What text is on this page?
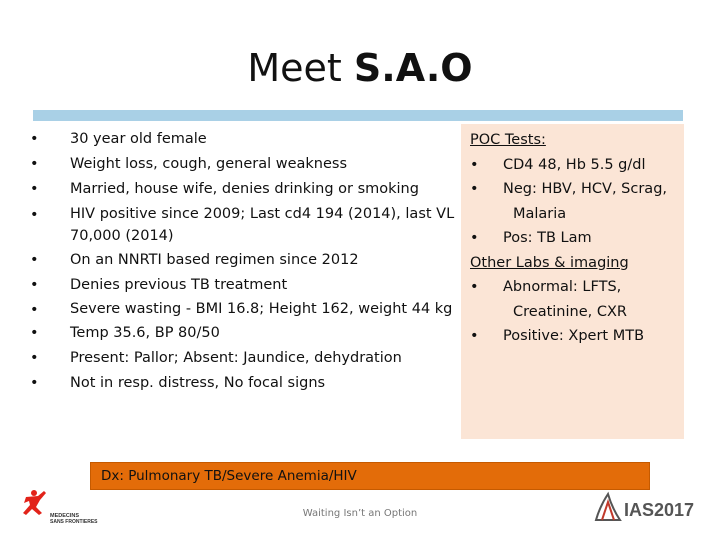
Meet S.A.O
• 30 year old female
• Weight loss, cough, general weakness
• Married, house wife, denies drinking or smoking
• HIV positive since 2009; Last cd4 194 (2014), last VL 70,000 (2014)
• On an NNRTI based regimen since 2012
• Denies previous TB treatment
• Severe wasting - BMI 16.8; Height 162, weight 44 kg
• Temp 35.6, BP 80/50
• Present: Pallor; Absent: Jaundice, dehydration
• Not in resp. distress, No focal signs
POC Tests:
• CD4 48, Hb 5.5 g/dl
• Neg: HBV, HCV, Scrag,
Malaria
• Pos: TB Lam
Other Labs & imaging
• Abnormal: LFTS,
Creatinine, CXR
• Positive: Xpert MTB
Dx: Pulmonary TB/Severe Anemia/HIV
Waiting Isn’t an Option
MEDECINS
SANS FRONTIERES
IAS2017
